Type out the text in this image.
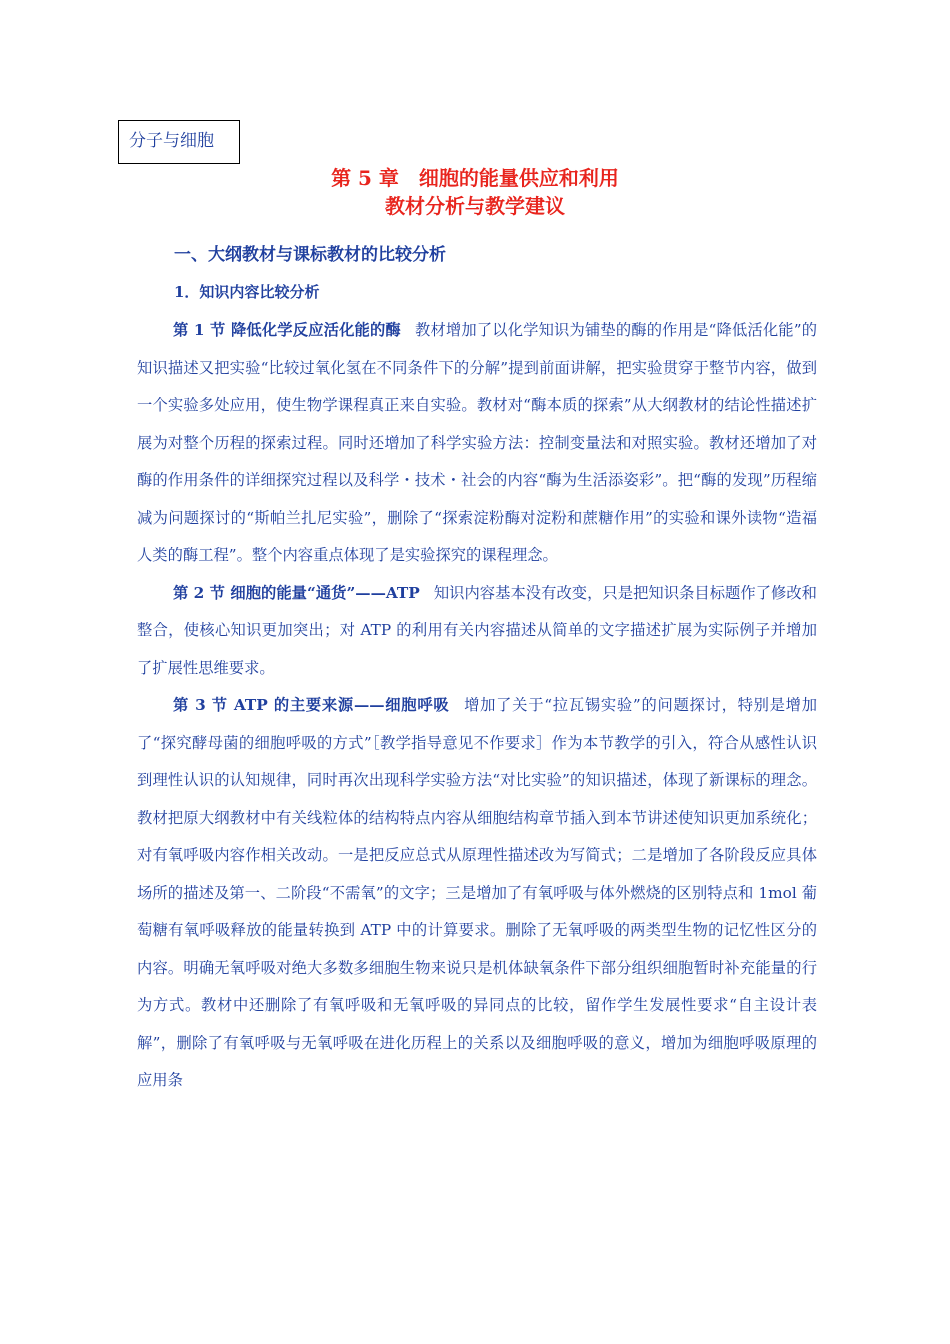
分子与细胞
第 5 章　细胞的能量供应和利用
教材分析与教学建议
一、大纲教材与课标教材的比较分析
1．知识内容比较分析

第 1 节 降低化学反应活化能的酶 教材增加了以化学知识为铺垫的酶的作用是“降低活化能”的知识描述又把实验“比较过氧化氢在不同条件下的分解”提到前面讲解，把实验贯穿于整节内容，做到一个实验多处应用，使生物学课程真正来自实验。教材对“酶本质的探索”从大纲教材的结论性描述扩展为对整个历程的探索过程。同时还增加了科学实验方法：控制变量法和对照实验。教材还增加了对酶的作用条件的详细探究过程以及科学・技术・社会的内容“酶为生活添姿彩”。把“酶的发现”历程缩减为问题探讨的“斯帕兰扎尼实验”，删除了“探索淀粉酶对淀粉和蔗糖作用”的实验和课外读物“造福人类的酶工程”。整个内容重点体现了是实验探究的课程理念。

第 2 节 细胞的能量“通货”——ATP 知识内容基本没有改变，只是把知识条目标题作了修改和整合，使核心知识更加突出；对 ATP 的利用有关内容描述从简单的文字描述扩展为实际例子并增加了扩展性思维要求。

第 3 节 ATP 的主要来源——细胞呼吸 增加了关于“拉瓦锡实验”的问题探讨，特别是增加了“探究酵母菌的细胞呼吸的方式”［教学指导意见不作要求］作为本节教学的引入，符合从感性认识到理性认识的认知规律，同时再次出现科学实验方法“对比实验”的知识描述，体现了新课标的理念。教材把原大纲教材中有关线粒体的结构特点内容从细胞结构章节插入到本节讲述使知识更加系统化；对有氧呼吸内容作相关改动。一是把反应总式从原理性描述改为写简式；二是增加了各阶段反应具体场所的描述及第一、二阶段“不需氧”的文字；三是增加了有氧呼吸与体外燃烧的区别特点和 1mol 葡萄糖有氧呼吸释放的能量转换到 ATP 中的计算要求。删除了无氧呼吸的两类型生物的记忆性区分的内容。明确无氧呼吸对绝大多数多细胞生物来说只是机体缺氧条件下部分组织细胞暂时补充能量的行为方式。教材中还删除了有氧呼吸和无氧呼吸的异同点的比较，留作学生发展性要求“自主设计表解”，删除了有氧呼吸与无氧呼吸在进化历程上的关系以及细胞呼吸的意义，增加为细胞呼吸原理的应用条
